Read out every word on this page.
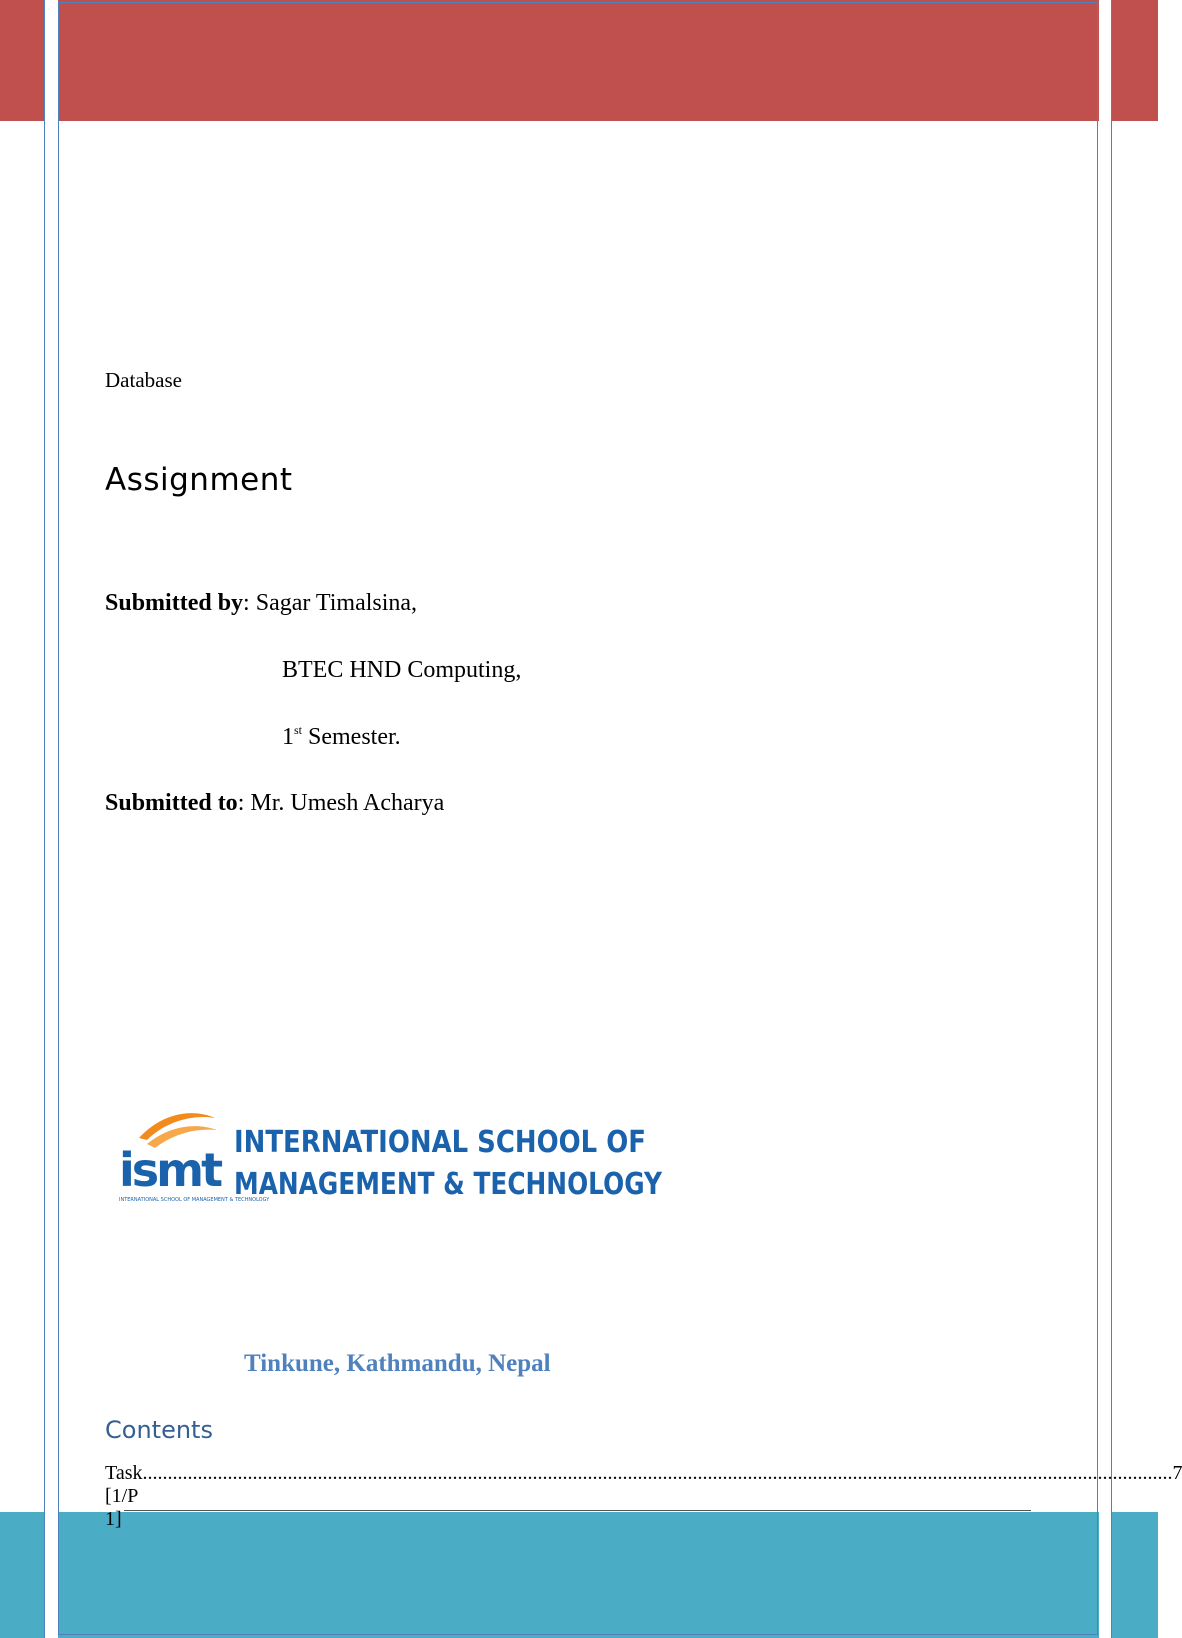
Database
Assignment
Submitted by: Sagar Timalsina,
BTEC HND Computing,
1st Semester.
Submitted to: Mr. Umesh Acharya
ismt
INTERNATIONAL SCHOOL OF MANAGEMENT & TECHNOLOGY
INTERNATIONAL SCHOOL OF
MANAGEMENT & TECHNOLOGY
Tinkune, Kathmandu, Nepal
Contents
Task [1/P 1]
.............................................................................................................................................................................................................. 7
